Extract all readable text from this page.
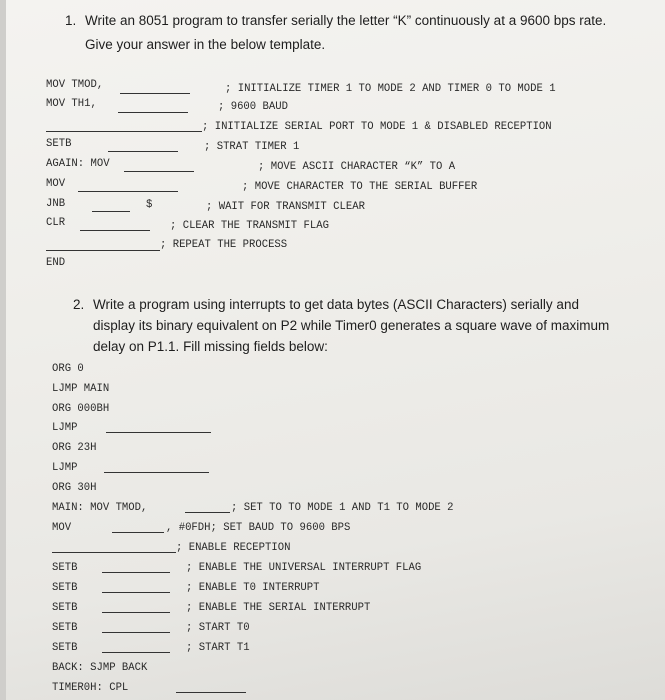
1. Write an 8051 program to transfer serially the letter “K” continuously at a 9600 bps rate.
Give your answer in the below template.
MOV TMOD,	; INITIALIZE TIMER 1 TO MODE 2 AND TIMER 0 TO MODE 1
MOV TH1,	; 9600 BAUD
; INITIALIZE SERIAL PORT TO MODE 1 & DISABLED RECEPTION
SETB	; STRAT TIMER 1
AGAIN: MOV	; MOVE ASCII CHARACTER “K” TO A
MOV	; MOVE CHARACTER TO THE SERIAL BUFFER
JNB	$	; WAIT FOR TRANSMIT CLEAR
CLR	; CLEAR THE TRANSMIT FLAG
; REPEAT THE PROCESS
END
2. Write a program using interrupts to get data bytes (ASCII Characters) serially and
display its binary equivalent on P2 while Timer0 generates a square wave of maximum
delay on P1.1. Fill missing fields below:
ORG 0
LJMP MAIN
ORG 000BH
LJMP
ORG 23H
LJMP
ORG 30H
MAIN: MOV TMOD,	; SET TO TO MODE 1 AND T1 TO MODE 2
MOV	, #0FDH; SET BAUD TO 9600 BPS
; ENABLE RECEPTION
SETB	; ENABLE THE UNIVERSAL INTERRUPT FLAG
SETB	; ENABLE T0 INTERRUPT
SETB	; ENABLE THE SERIAL INTERRUPT
SETB	; START T0
SETB	; START T1
BACK: SJMP BACK
TIMER0H: CPL
